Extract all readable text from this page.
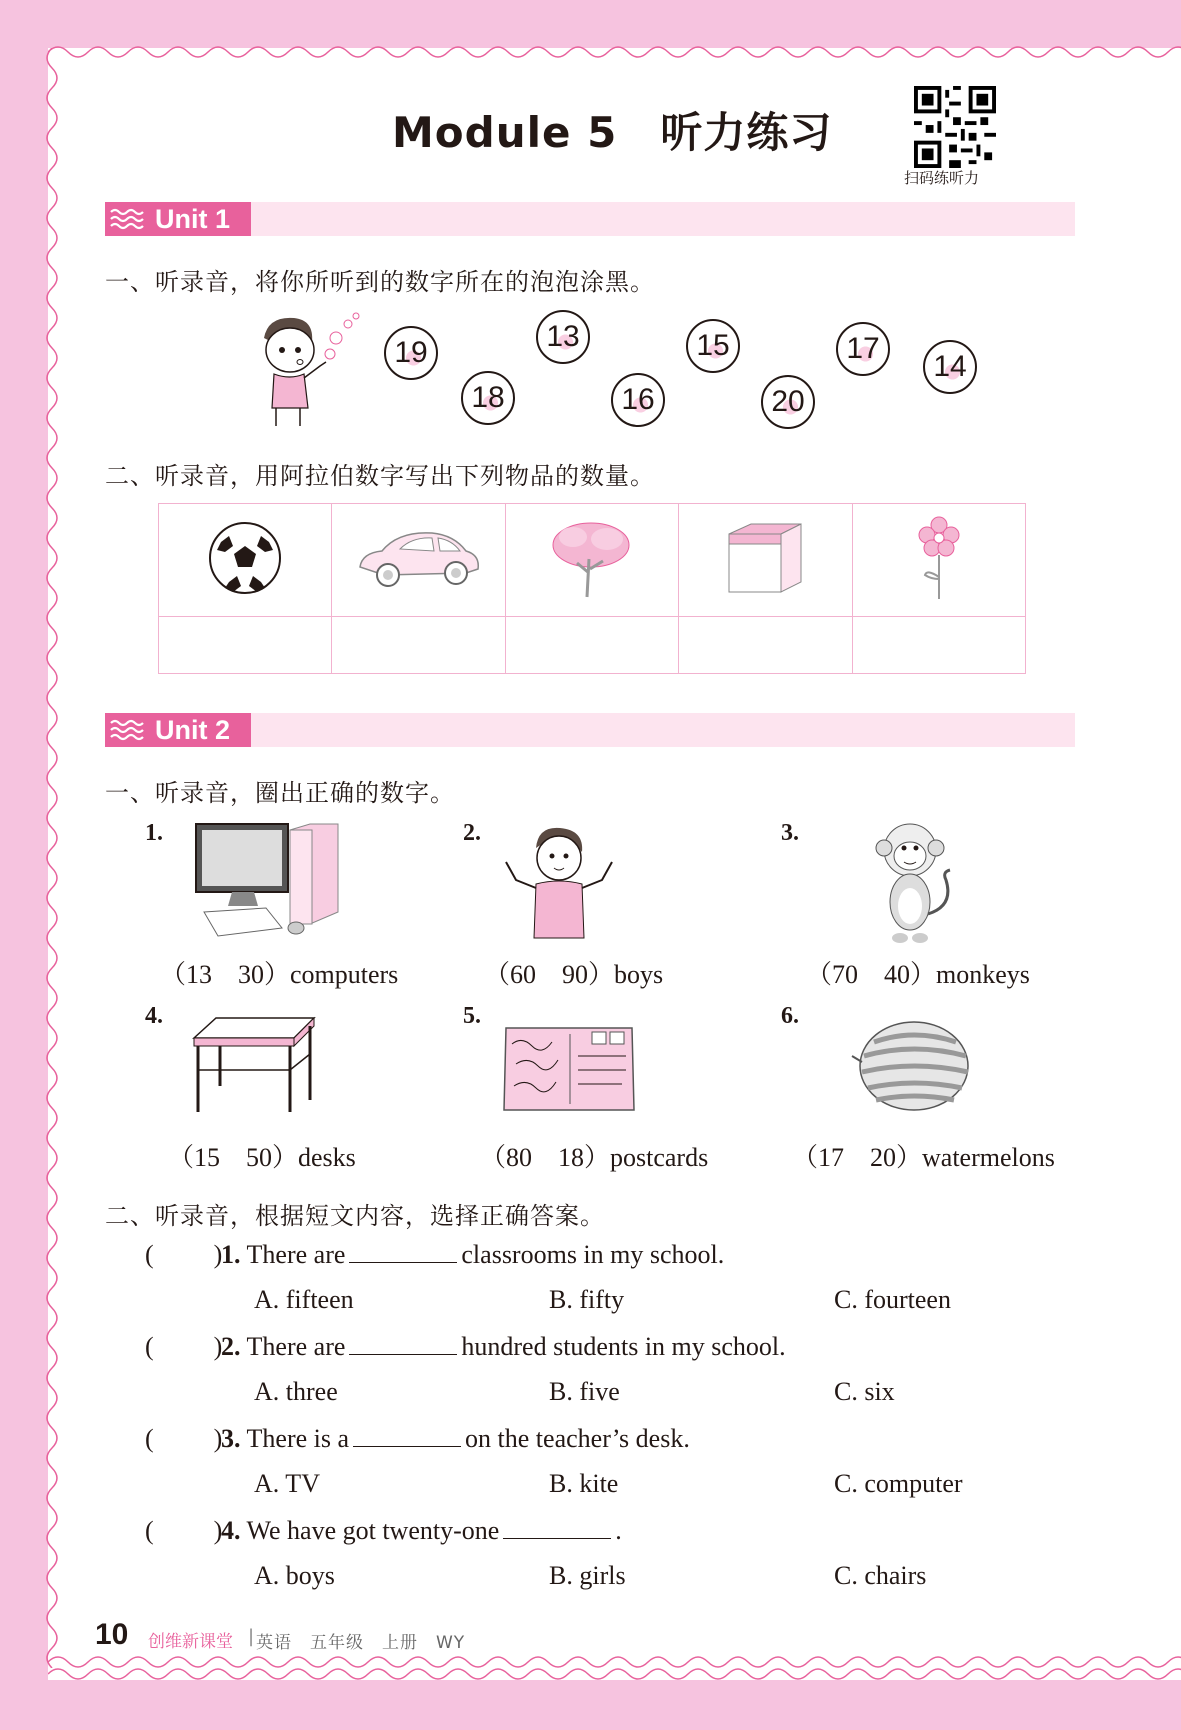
Module 5　听力练习
扫码练听力
Unit 1
一、听录音，将你所听到的数字所在的泡泡涂黑。
19
18
13
16
15
20
17
14
二、听录音，用阿拉伯数字写出下列物品的数量。

Unit 2
一、听录音，圈出正确的数字。
1.
（13　30）computers
2.
（60　90）boys
3.
（70　40）monkeys
4.
（15　50）desks
5.
（80　18）postcards
6.
（17　20）watermelons
二、听录音，根据短文内容，选择正确答案。
( )1. There are	classrooms in my school.
A. fifteen	B. fifty	C. fourteen
( )2. There are	hundred students in my school.
A. three	B. five	C. six
( )3. There is a	on the teacher’s desk.
A. TV	B. kite	C. computer
( )4. We have got twenty-one	.
A. boys	B. girls	C. chairs
10 创维新课堂 | 英语　五年级　上册　WY
